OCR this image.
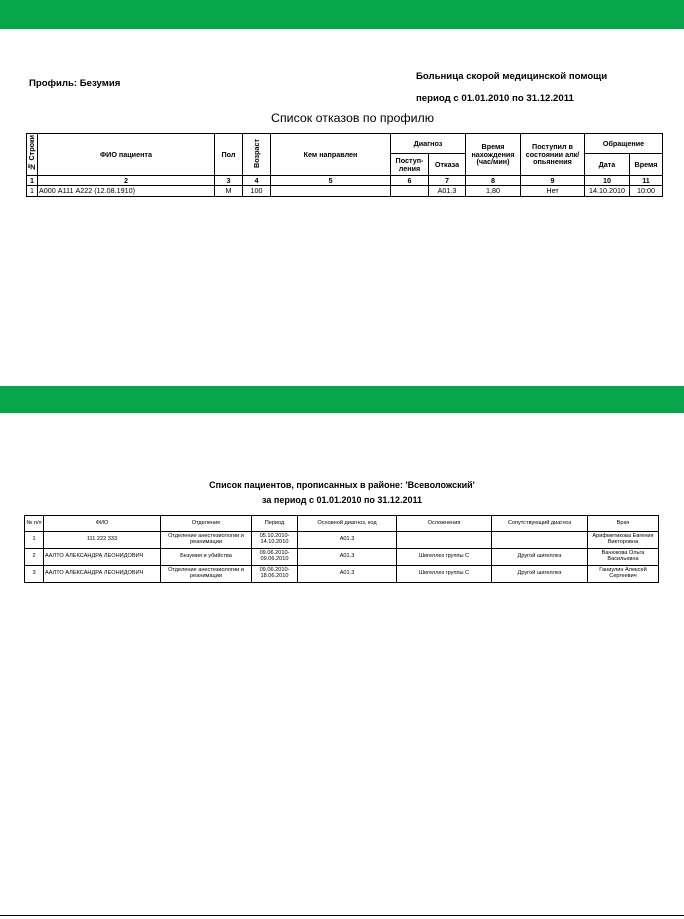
Профиль: Безумия
Больница скорой медицинской помощи
период с 01.01.2010 по 31.12.2011
Список отказов по профилю
№ Строки	ФИО пациента	Пол	Возраст	Кем направлен	Диагноз		Время нахождения (час/мин)	Поступил в состоянии алк/опьянения	Обращение	
					Поступ-ления	Отказа			Дата	Время
1	2	3	4	5	6	7	8	9	10	11
1	А000 А111 А222 (12.08.1910)	М	100			A01.3	1,80	Нет	14.10.2010	10:00
Список пациентов, прописанных в районе: 'Всеволожский'
за период с 01.01.2010 по 31.12.2011
№ п/п	ФИО	Отделение	Период	Основной диагноз, код	Осложнения	Сопутствующий диагноз	Врач
1	111 222 333	Отделение анестезиологии и реанимации	05.10.2010-14.10.2010	A01.3			Арифметикова Евгения Викторовна
2	ААЛТО АЛЕКСАНДРА ЛЕОНИДОВИЧ	Безумия и убийства	09.06.2010-09.06.2010	A01.3	Шигеллез группы С	Другой шигеллез	Ванюкова Ольга Васильевна
3	ААЛТО АЛЕКСАНДРА ЛЕОНИДОВИЧ	Отделение анестезиологии и реанимации	09.06.2010-18.06.2010	A01.3	Шигеллез группы С	Другой шигеллез	Ганиулин Алексей Сергеевич
